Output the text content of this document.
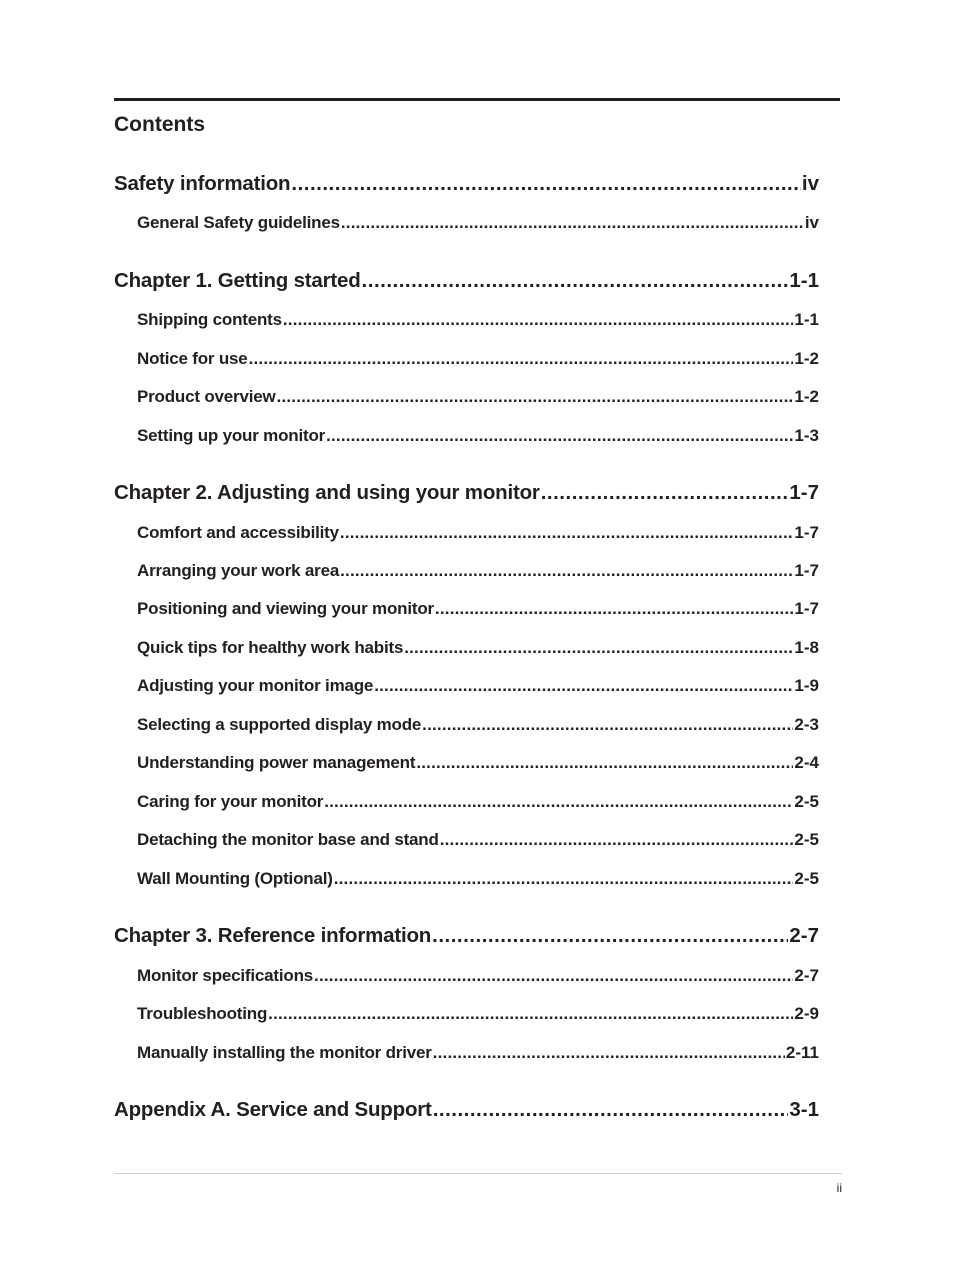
Contents
Safety information .....	iv
General Safety guidelines .....	iv
Chapter 1. Getting started .....	1-1
Shipping contents .....	1-1
Notice for use .....	1-2
Product overview .....	1-2
Setting up your monitor .....	1-3
Chapter 2. Adjusting and using your monitor .....	1-7
Comfort and accessibility .....	1-7
Arranging your work area .....	1-7
Positioning and viewing your monitor .....	1-7
Quick tips for healthy work habits .....	1-8
Adjusting your monitor image .....	1-9
Selecting a supported display mode .....	2-3
Understanding power management .....	2-4
Caring for your monitor .....	2-5
Detaching the monitor base and stand .....	2-5
Wall Mounting (Optional) .....	2-5
Chapter 3. Reference information .....	2-7
Monitor specifications .....	2-7
Troubleshooting .....	2-9
Manually installing the monitor driver .....	2-11
Appendix A. Service and Support .....	3-1
ii
